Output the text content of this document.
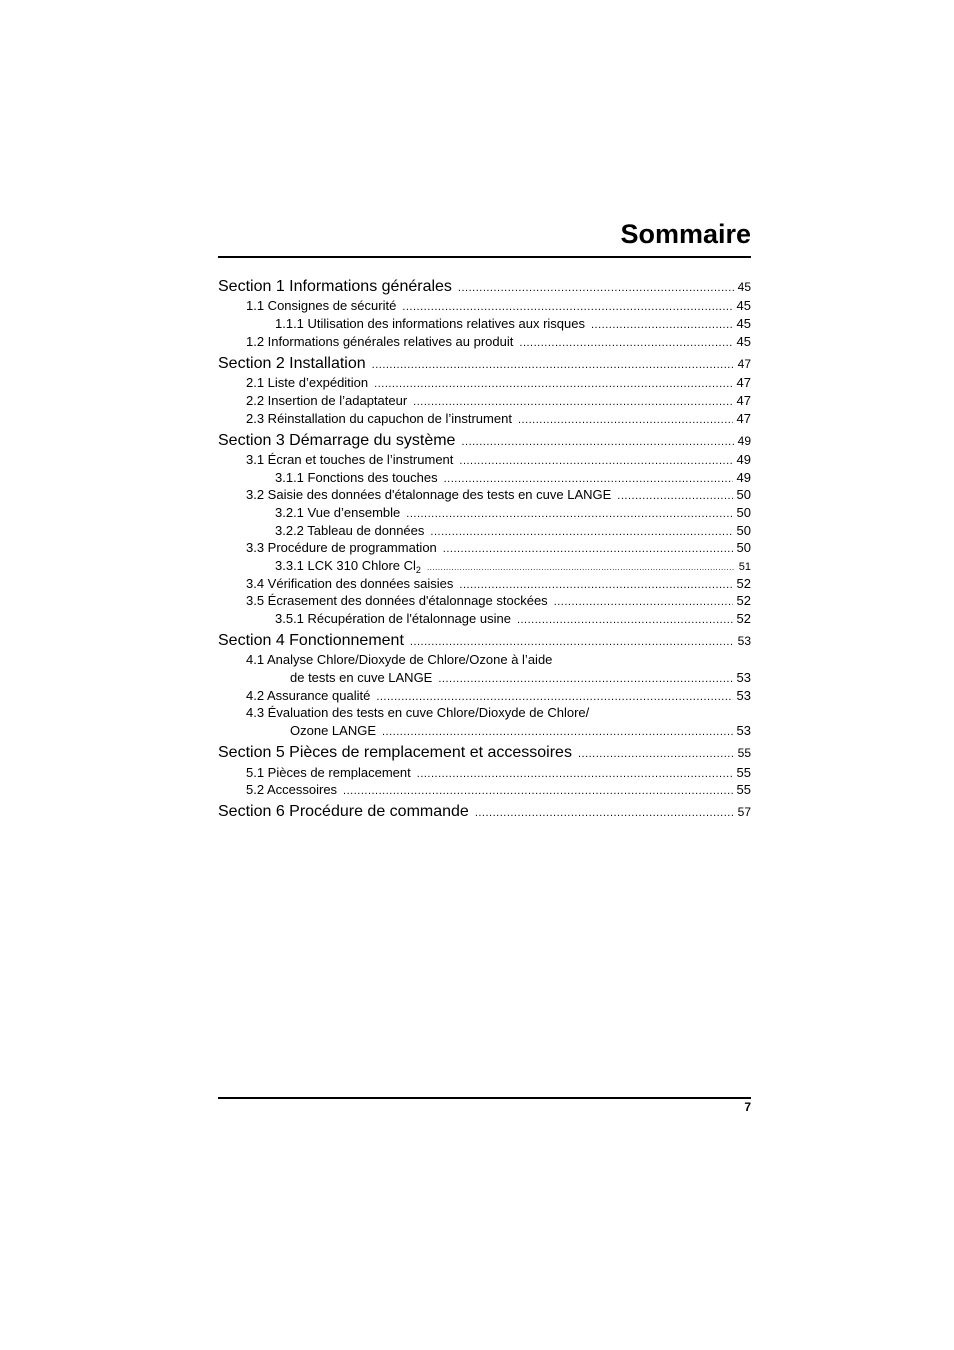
Sommaire
Section 1 Informations générales .....	45
1.1 Consignes de sécurité .....	45
1.1.1 Utilisation des informations relatives aux risques .....	45
1.2 Informations générales relatives au produit .....	45
Section 2 Installation .....	47
2.1 Liste d’expédition .....	47
2.2 Insertion de l’adaptateur .....	47
2.3 Réinstallation du capuchon de l’instrument .....	47
Section 3 Démarrage du système .....	49
3.1 Écran et touches de l’instrument .....	49
3.1.1 Fonctions des touches .....	49
3.2 Saisie des données d'étalonnage des tests en cuve LANGE .....	50
3.2.1 Vue d’ensemble .....	50
3.2.2 Tableau de données .....	50
3.3 Procédure de programmation .....	50
3.3.1 LCK 310 Chlore $Cl_2$ .....	51
3.4 Vérification des données saisies .....	52
3.5 Écrasement des données d'étalonnage stockées .....	52
3.5.1 Récupération de l'étalonnage usine .....	52
Section 4 Fonctionnement .....	53
4.1 Analyse Chlore/Dioxyde de Chlore/Ozone à l’aide
de tests en cuve LANGE .....	53
4.2 Assurance qualité .....	53
4.3 Évaluation des tests en cuve Chlore/Dioxyde de Chlore/
Ozone LANGE .....	53
Section 5 Pièces de remplacement et accessoires .....	55
5.1 Pièces de remplacement .....	55
5.2 Accessoires .....	55
Section 6 Procédure de commande .....	57
7
